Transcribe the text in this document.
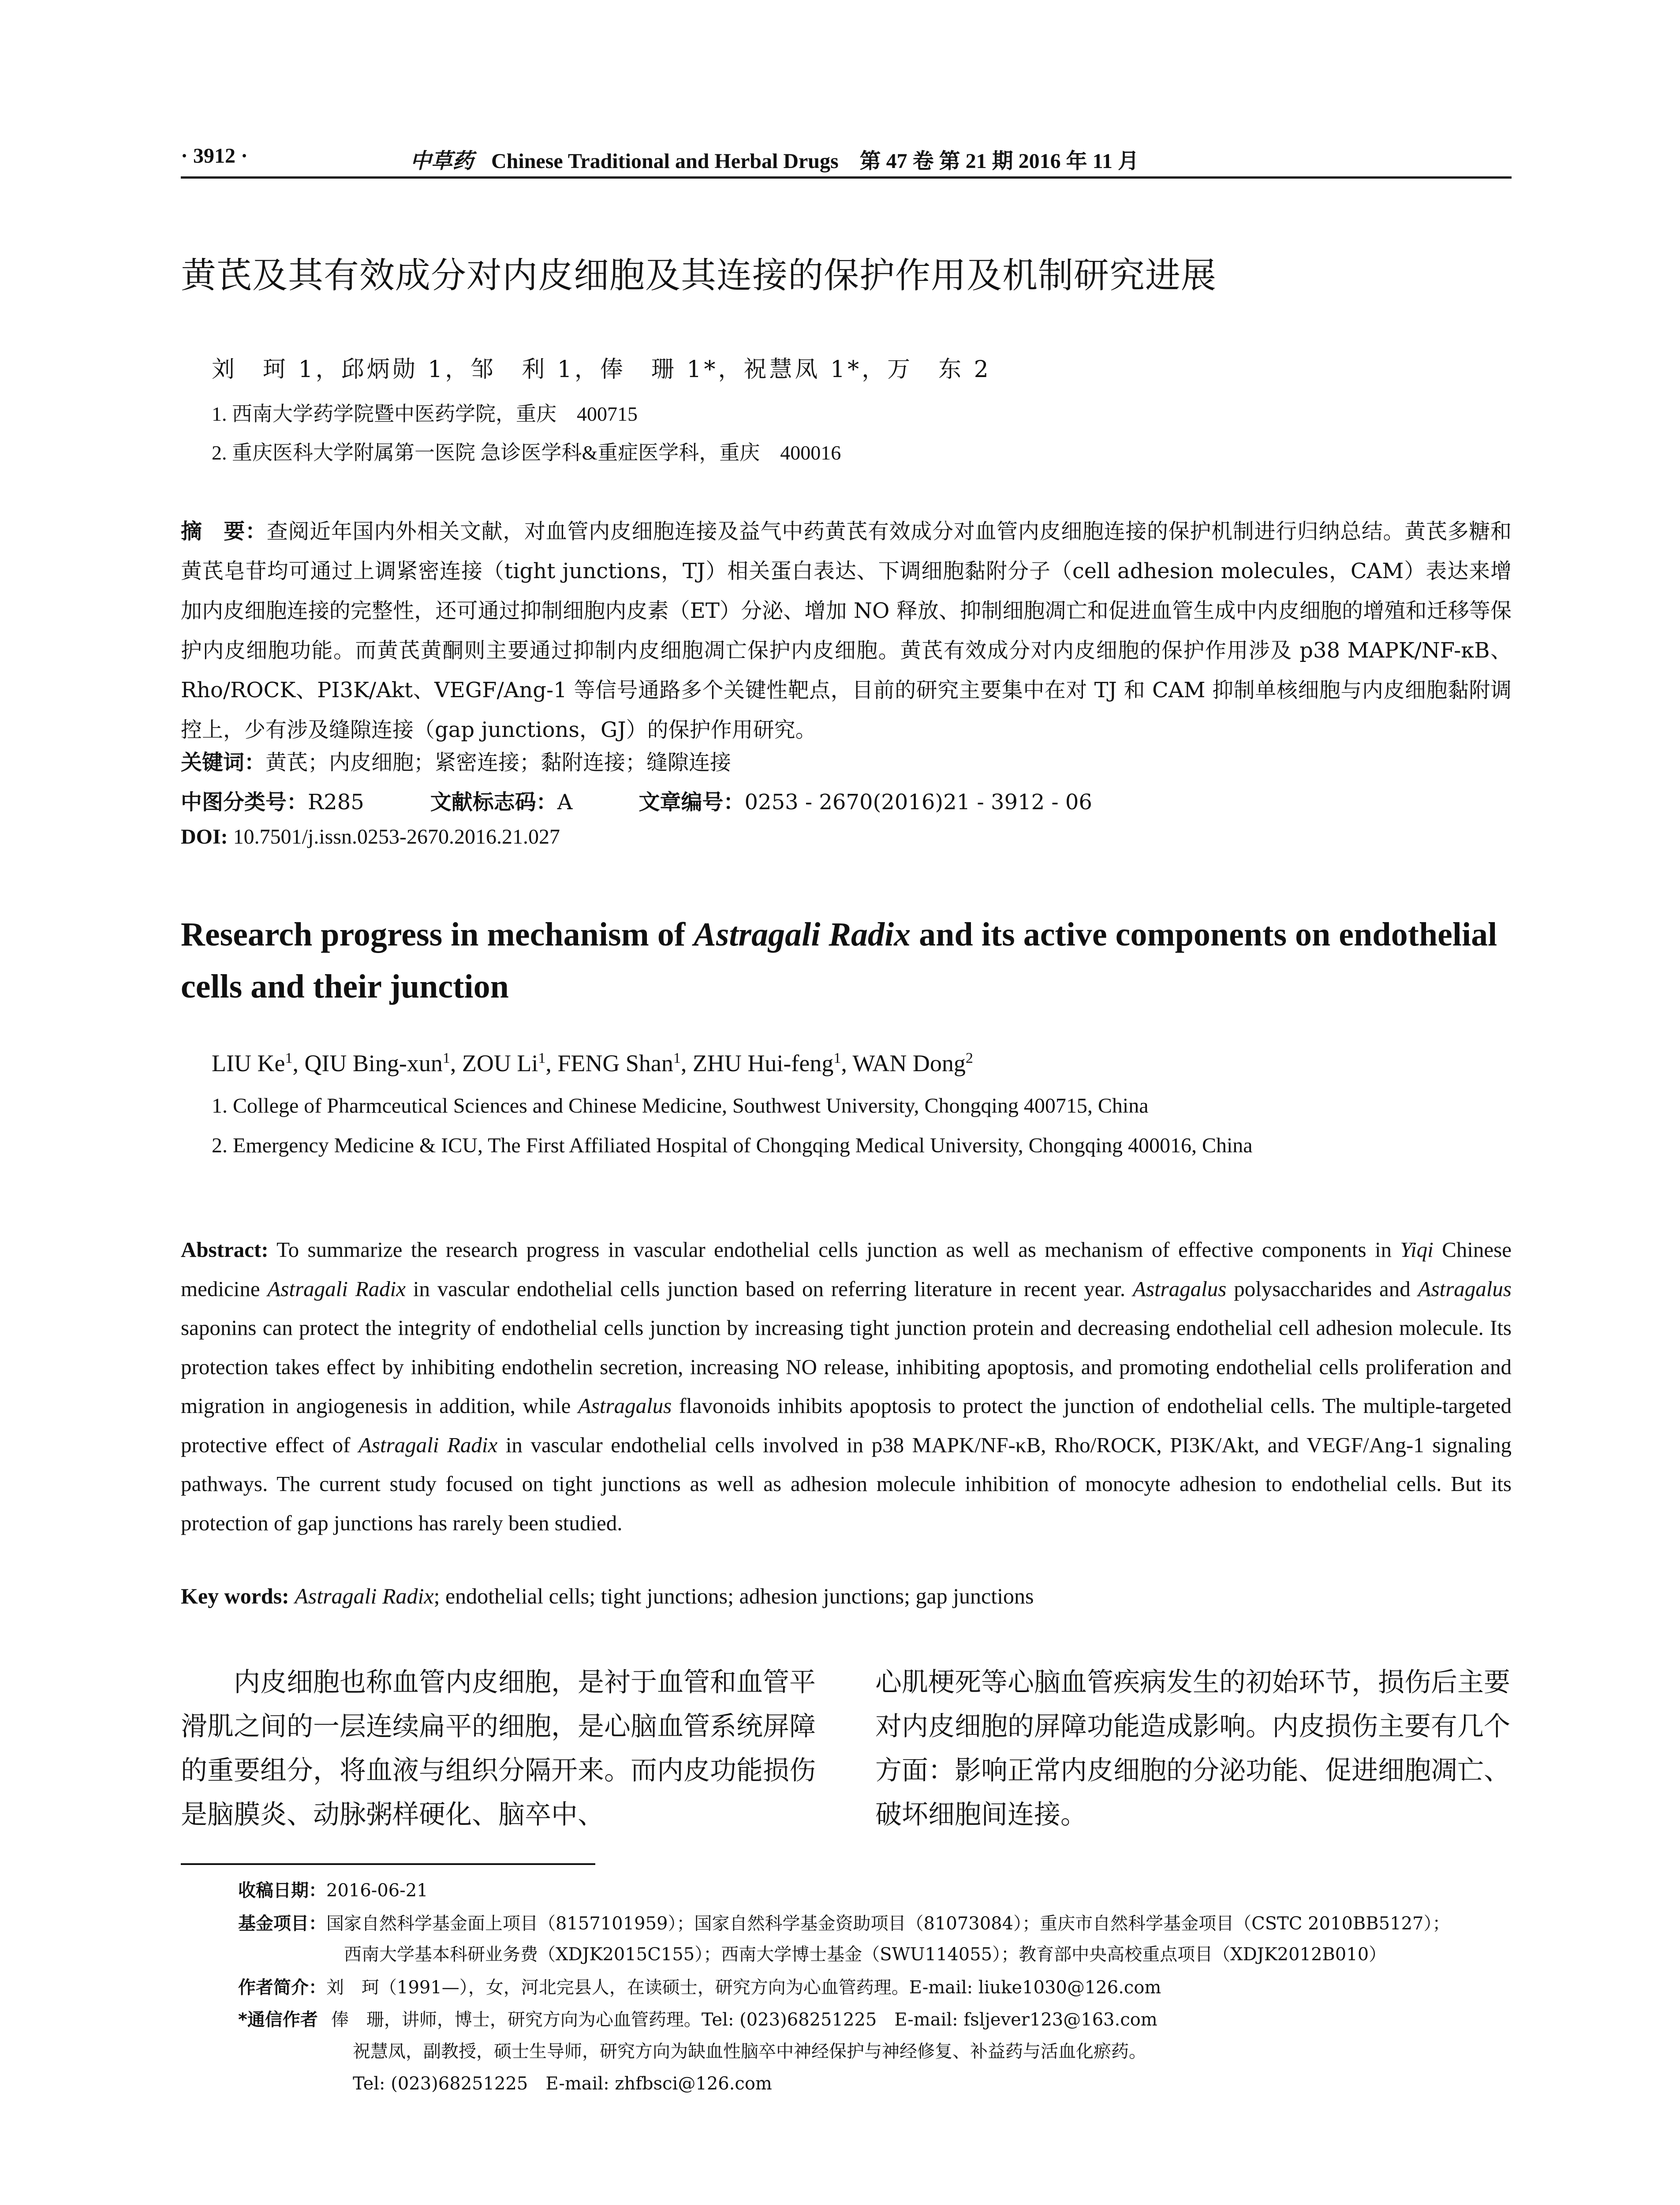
· 3912 ·	中草药 Chinese Traditional and Herbal Drugs　第 47 卷 第 21 期 2016 年 11 月
黄芪及其有效成分对内皮细胞及其连接的保护作用及机制研究进展
刘　珂 1，邱炳勋 1，邹　利 1，俸　珊 1*，祝慧凤 1*，万　东 2
1. 西南大学药学院暨中医药学院，重庆　400715
2. 重庆医科大学附属第一医院 急诊医学科&重症医学科，重庆　400016
摘　要：查阅近年国内外相关文献，对血管内皮细胞连接及益气中药黄芪有效成分对血管内皮细胞连接的保护机制进行归纳总结。黄芪多糖和黄芪皂苷均可通过上调紧密连接（tight junctions，TJ）相关蛋白表达、下调细胞黏附分子（cell adhesion molecules，CAM）表达来增加内皮细胞连接的完整性，还可通过抑制细胞内皮素（ET）分泌、增加 NO 释放、抑制细胞凋亡和促进血管生成中内皮细胞的增殖和迁移等保护内皮细胞功能。而黄芪黄酮则主要通过抑制内皮细胞凋亡保护内皮细胞。黄芪有效成分对内皮细胞的保护作用涉及 p38 MAPK/NF-κB、Rho/ROCK、PI3K/Akt、VEGF/Ang-1 等信号通路多个关键性靶点，目前的研究主要集中在对 TJ 和 CAM 抑制单核细胞与内皮细胞黏附调控上，少有涉及缝隙连接（gap junctions，GJ）的保护作用研究。
关键词：黄芪；内皮细胞；紧密连接；黏附连接；缝隙连接
中图分类号：R285	文献标志码：A	文章编号：0253 - 2670(2016)21 - 3912 - 06
DOI: 10.7501/j.issn.0253-2670.2016.21.027
Research progress in mechanism of Astragali Radix and its active components on endothelial cells and their junction
LIU Ke$^1$, QIU Bing-xun$^1$, ZOU Li$^1$, FENG Shan$^1$, ZHU Hui-feng$^1$, WAN Dong$^2$
1. College of Pharmceutical Sciences and Chinese Medicine, Southwest University, Chongqing 400715, China
2. Emergency Medicine & ICU, The First Affiliated Hospital of Chongqing Medical University, Chongqing 400016, China
Abstract: To summarize the research progress in vascular endothelial cells junction as well as mechanism of effective components in Yiqi Chinese medicine Astragali Radix in vascular endothelial cells junction based on referring literature in recent year. Astragalus polysaccharides and Astragalus saponins can protect the integrity of endothelial cells junction by increasing tight junction protein and decreasing endothelial cell adhesion molecule. Its protection takes effect by inhibiting endothelin secretion, increasing NO release, inhibiting apoptosis, and promoting endothelial cells proliferation and migration in angiogenesis in addition, while Astragalus flavonoids inhibits apoptosis to protect the junction of endothelial cells. The multiple-targeted protective effect of Astragali Radix in vascular endothelial cells involved in p38 MAPK/NF-κB, Rho/ROCK, PI3K/Akt, and VEGF/Ang-1 signaling pathways. The current study focused on tight junctions as well as adhesion molecule inhibition of monocyte adhesion to endothelial cells. But its protection of gap junctions has rarely been studied.
Key words: Astragali Radix; endothelial cells; tight junctions; adhesion junctions; gap junctions
内皮细胞也称血管内皮细胞，是衬于血管和血管平滑肌之间的一层连续扁平的细胞，是心脑血管系统屏障的重要组分，将血液与组织分隔开来。而内皮功能损伤是脑膜炎、动脉粥样硬化、脑卒中、
心肌梗死等心脑血管疾病发生的初始环节，损伤后主要对内皮细胞的屏障功能造成影响。内皮损伤主要有几个方面：影响正常内皮细胞的分泌功能、促进细胞凋亡、破坏细胞间连接。
收稿日期：2016-06-21
基金项目：国家自然科学基金面上项目（8157101959）；国家自然科学基金资助项目（81073084）；重庆市自然科学基金项目（CSTC 2010BB5127）；
西南大学基本科研业务费（XDJK2015C155）；西南大学博士基金（SWU114055）；教育部中央高校重点项目（XDJK2012B010）
作者简介：刘　珂（1991—），女，河北完县人，在读硕士，研究方向为心血管药理。E-mail: liuke1030@126.com
*通信作者 俸　珊，讲师，博士，研究方向为心血管药理。Tel: (023)68251225　E-mail: fsljever123@163.com
祝慧凤，副教授，硕士生导师，研究方向为缺血性脑卒中神经保护与神经修复、补益药与活血化瘀药。
Tel: (023)68251225　E-mail: zhfbsci@126.com
